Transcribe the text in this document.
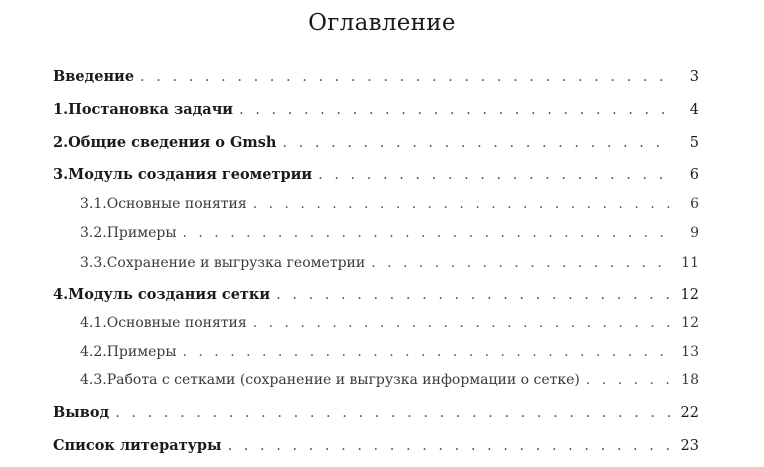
Оглавление
Введение . . .	3
1. Постановка задачи . . .	4
2. Общие сведения о Gmsh . . .	5
3. Модуль создания геометрии . . .	6
3.1. Основные понятия . . .	6
3.2. Примеры . . .	9
3.3. Сохранение и выгрузка геометрии . . .	11
4. Модуль создания сетки . . .	12
4.1. Основные понятия . . .	12
4.2. Примеры . . .	13
4.3. Работа с сетками (сохранение и выгрузка информации о сетке) . . .	18
Вывод . . .	22
Список литературы . . .	23
